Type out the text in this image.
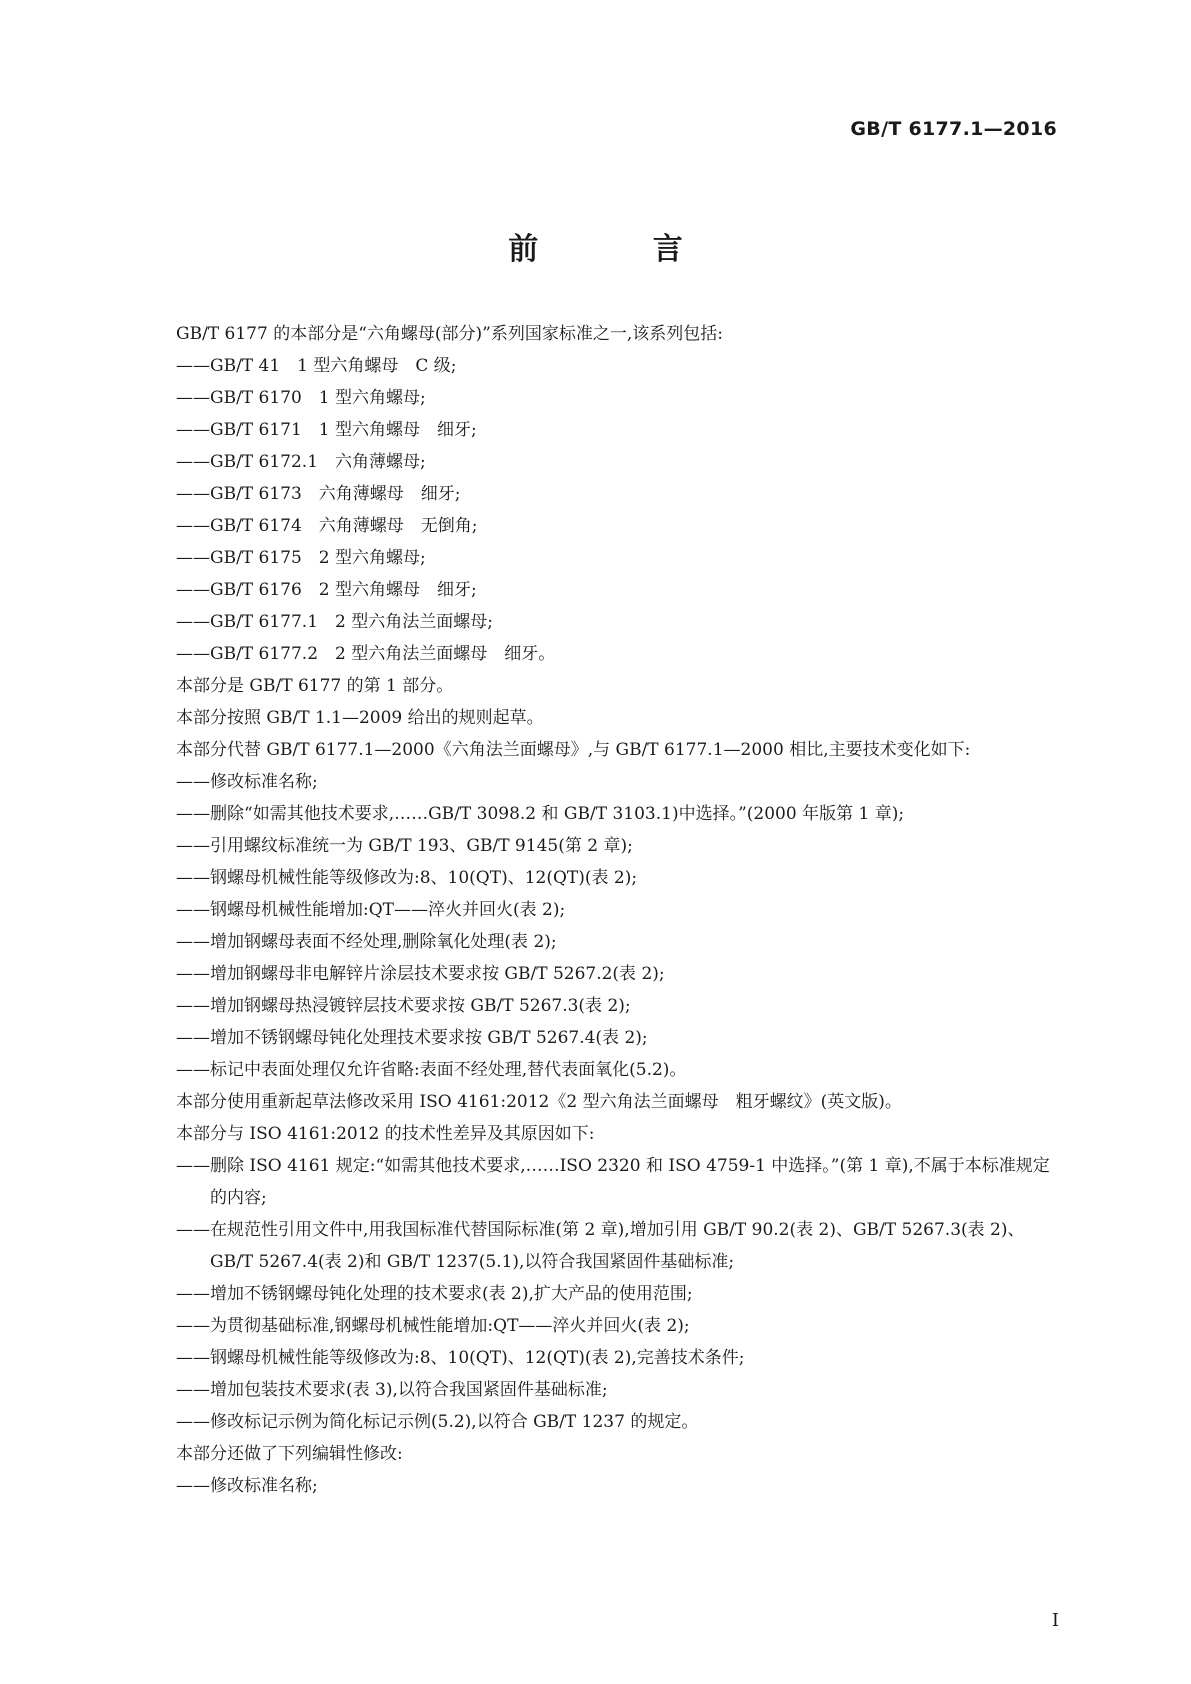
GB/T 6177.1—2016
前 言

GB/T 6177 的本部分是“六角螺母(部分)”系列国家标准之一,该系列包括:

——GB/T 41　1 型六角螺母　C 级;

——GB/T 6170　1 型六角螺母;

——GB/T 6171　1 型六角螺母　细牙;

——GB/T 6172.1　六角薄螺母;

——GB/T 6173　六角薄螺母　细牙;

——GB/T 6174　六角薄螺母　无倒角;

——GB/T 6175　2 型六角螺母;

——GB/T 6176　2 型六角螺母　细牙;

——GB/T 6177.1　2 型六角法兰面螺母;

——GB/T 6177.2　2 型六角法兰面螺母　细牙。

本部分是 GB/T 6177 的第 1 部分。

本部分按照 GB/T 1.1—2009 给出的规则起草。

本部分代替 GB/T 6177.1—2000《六角法兰面螺母》,与 GB/T 6177.1—2000 相比,主要技术变化如下:

——修改标准名称;

——删除“如需其他技术要求,……GB/T 3098.2 和 GB/T 3103.1)中选择。”(2000 年版第 1 章);

——引用螺纹标准统一为 GB/T 193、GB/T 9145(第 2 章);

——钢螺母机械性能等级修改为:8、10(QT)、12(QT)(表 2);

——钢螺母机械性能增加:QT——淬火并回火(表 2);

——增加钢螺母表面不经处理,删除氧化处理(表 2);

——增加钢螺母非电解锌片涂层技术要求按 GB/T 5267.2(表 2);

——增加钢螺母热浸镀锌层技术要求按 GB/T 5267.3(表 2);

——增加不锈钢螺母钝化处理技术要求按 GB/T 5267.4(表 2);

——标记中表面处理仅允许省略:表面不经处理,替代表面氧化(5.2)。

本部分使用重新起草法修改采用 ISO 4161:2012《2 型六角法兰面螺母　粗牙螺纹》(英文版)。

本部分与 ISO 4161:2012 的技术性差异及其原因如下:

——删除 ISO 4161 规定:“如需其他技术要求,……ISO 2320 和 ISO 4759-1 中选择。”(第 1 章),不属于本标准规定的内容;

——在规范性引用文件中,用我国标准代替国际标准(第 2 章),增加引用 GB/T 90.2(表 2)、GB/T 5267.3(表 2)、GB/T 5267.4(表 2)和 GB/T 1237(5.1),以符合我国紧固件基础标准;

——增加不锈钢螺母钝化处理的技术要求(表 2),扩大产品的使用范围;

——为贯彻基础标准,钢螺母机械性能增加:QT——淬火并回火(表 2);

——钢螺母机械性能等级修改为:8、10(QT)、12(QT)(表 2),完善技术条件;

——增加包装技术要求(表 3),以符合我国紧固件基础标准;

——修改标记示例为简化标记示例(5.2),以符合 GB/T 1237 的规定。

本部分还做了下列编辑性修改:

——修改标准名称;

I
